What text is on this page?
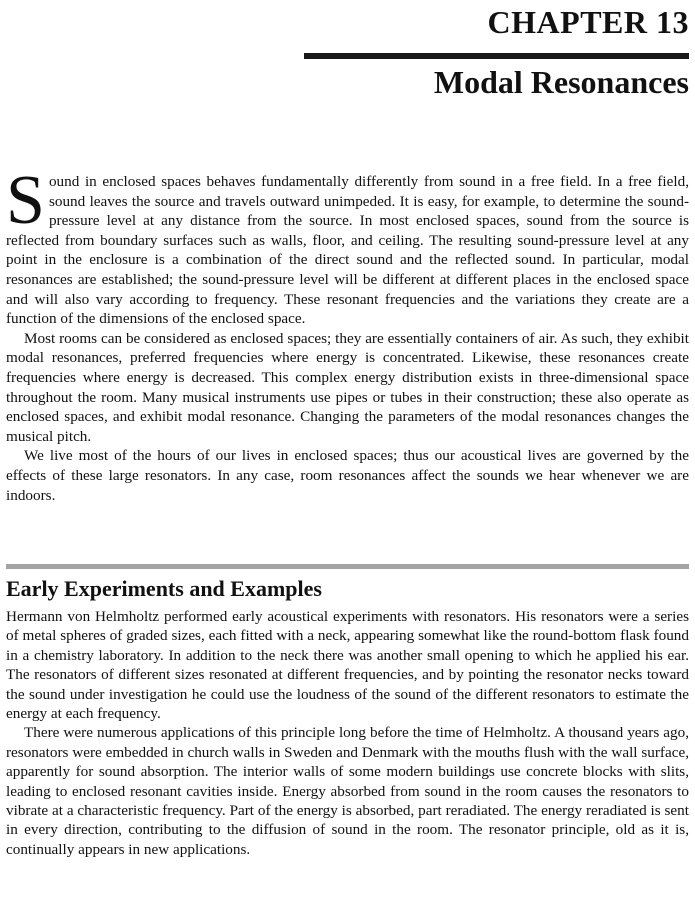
CHAPTER 13
Modal Resonances

Sound in enclosed spaces behaves fundamentally differently from sound in a free field. In a free field, sound leaves the source and travels outward unimpeded. It is easy, for example, to determine the sound-pressure level at any distance from the source. In most enclosed spaces, sound from the source is reflected from boundary surfaces such as walls, floor, and ceiling. The resulting sound-pressure level at any point in the enclosure is a combination of the direct sound and the reflected sound. In particular, modal resonances are established; the sound-pressure level will be different at different places in the enclosed space and will also vary according to frequency. These resonant frequencies and the variations they create are a function of the dimensions of the enclosed space.

Most rooms can be considered as enclosed spaces; they are essentially containers of air. As such, they exhibit modal resonances, preferred frequencies where energy is concentrated. Likewise, these resonances create frequencies where energy is decreased. This complex energy distribution exists in three-dimensional space throughout the room. Many musical instruments use pipes or tubes in their construction; these also operate as enclosed spaces, and exhibit modal resonance. Changing the parameters of the modal resonances changes the musical pitch.

We live most of the hours of our lives in enclosed spaces; thus our acoustical lives are governed by the effects of these large resonators. In any case, room resonances affect the sounds we hear whenever we are indoors.

Early Experiments and Examples

Hermann von Helmholtz performed early acoustical experiments with resonators. His resonators were a series of metal spheres of graded sizes, each fitted with a neck, appearing somewhat like the round-bottom flask found in a chemistry laboratory. In addition to the neck there was another small opening to which he applied his ear. The resonators of different sizes resonated at different frequencies, and by pointing the resonator necks toward the sound under investigation he could use the loudness of the sound of the different resonators to estimate the energy at each frequency.

There were numerous applications of this principle long before the time of Helmholtz. A thousand years ago, resonators were embedded in church walls in Sweden and Denmark with the mouths flush with the wall surface, apparently for sound absorption. The interior walls of some modern buildings use concrete blocks with slits, leading to enclosed resonant cavities inside. Energy absorbed from sound in the room causes the resonators to vibrate at a characteristic frequency. Part of the energy is absorbed, part reradiated. The energy reradiated is sent in every direction, contributing to the diffusion of sound in the room. The resonator principle, old as it is, continually appears in new applications.
